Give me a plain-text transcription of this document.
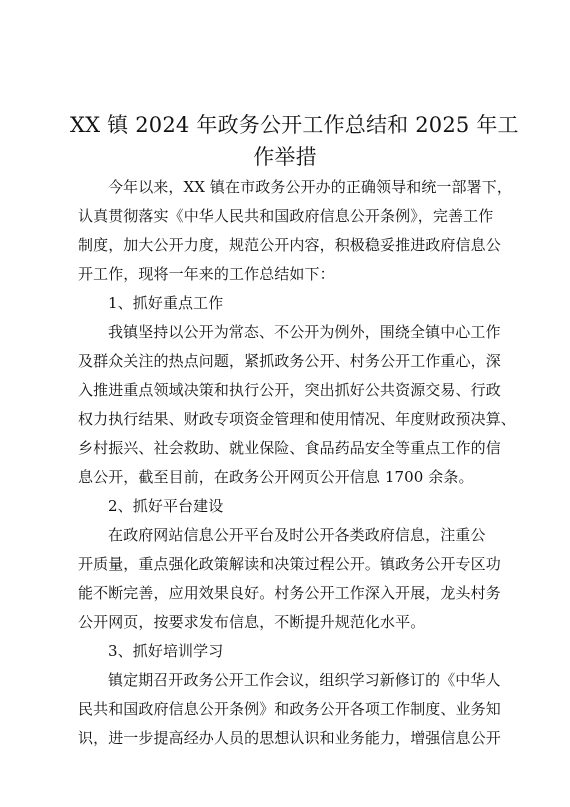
XX 镇 2024 年政务公开工作总结和 2025 年工
作举措
今年以来，XX 镇在市政务公开办的正确领导和统一部署下，
认真贯彻落实《中华人民共和国政府信息公开条例》，完善工作
制度，加大公开力度，规范公开内容，积极稳妥推进政府信息公
开工作，现将一年来的工作总结如下：
1、抓好重点工作
我镇坚持以公开为常态、不公开为例外，围绕全镇中心工作
及群众关注的热点问题，紧抓政务公开、村务公开工作重心，深
入推进重点领域决策和执行公开，突出抓好公共资源交易、行政
权力执行结果、财政专项资金管理和使用情况、年度财政预决算、
乡村振兴、社会救助、就业保险、食品药品安全等重点工作的信
息公开，截至目前，在政务公开网页公开信息 1700 余条。
2、抓好平台建设
在政府网站信息公开平台及时公开各类政府信息，注重公
开质量，重点强化政策解读和决策过程公开。镇政务公开专区功
能不断完善，应用效果良好。村务公开工作深入开展，龙头村务
公开网页，按要求发布信息，不断提升规范化水平。
3、抓好培训学习
镇定期召开政务公开工作会议，组织学习新修订的《中华人
民共和国政府信息公开条例》和政务公开各项工作制度、业务知
识，进一步提高经办人员的思想认识和业务能力，增强信息公开
